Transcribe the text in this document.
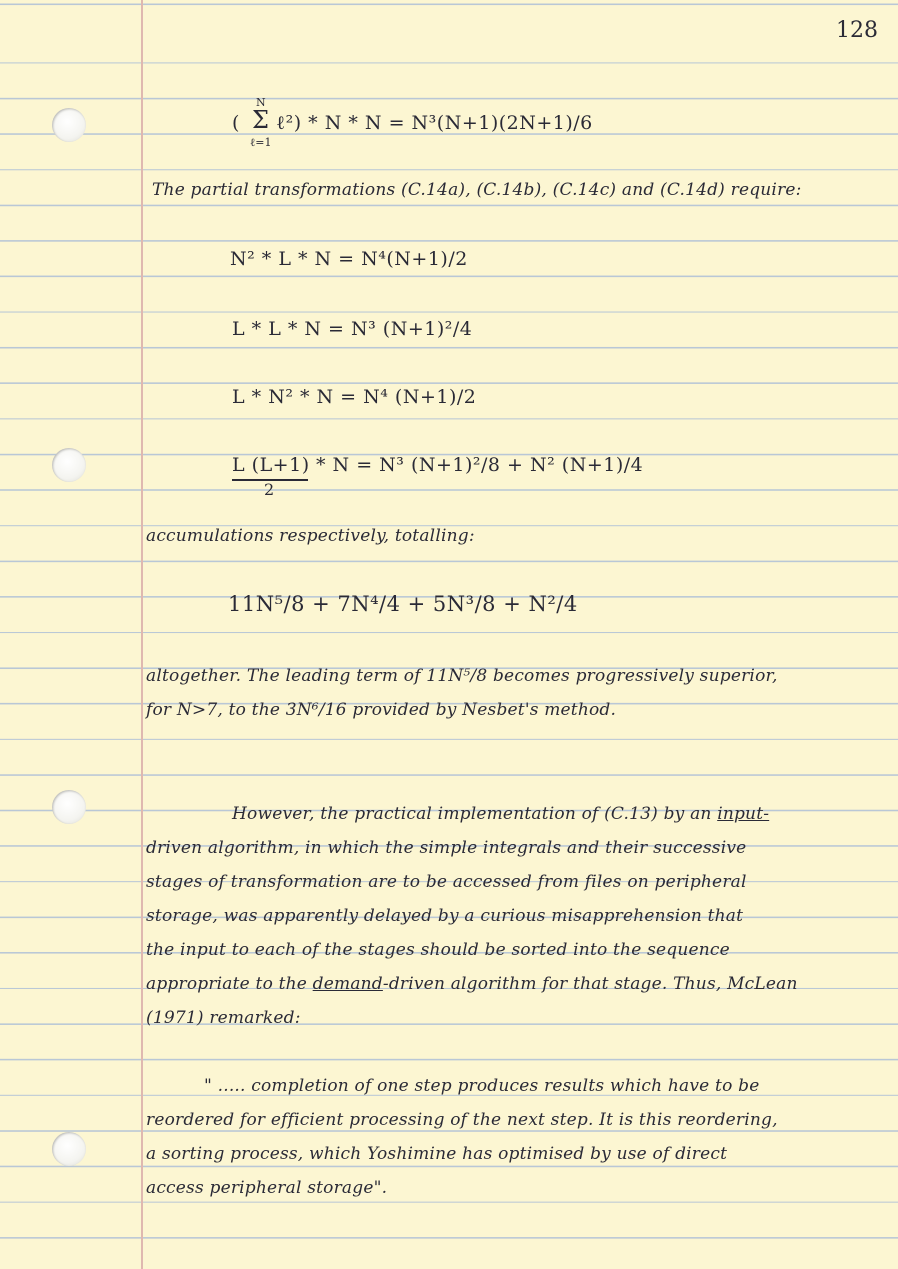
128
(
N
Σ
ℓ=1
ℓ²) * N * N = N³(N+1)(2N+1)/6
The partial transformations (C.14a), (C.14b), (C.14c) and (C.14d) require:
N² * L * N = N⁴(N+1)/2
L * L * N = N³ (N+1)²/4
L * N² * N = N⁴ (N+1)/2
L (L+1)
2
* N = N³ (N+1)²/8 + N² (N+1)/4
accumulations respectively, totalling:
11N⁵/8 + 7N⁴/4 + 5N³/8 + N²/4
altogether. The leading term of 11N⁵/8 becomes progressively superior,
for N>7, to the 3N⁶/16 provided by Nesbet's method.
However, the practical implementation of (C.13) by an input-
driven algorithm, in which the simple integrals and their successive
stages of transformation are to be accessed from files on peripheral
storage, was apparently delayed by a curious misapprehension that
the input to each of the stages should be sorted into the sequence
appropriate to the demand-driven algorithm for that stage. Thus, McLean
(1971) remarked:
" ..... completion of one step produces results which have to be
reordered for efficient processing of the next step. It is this reordering,
a sorting process, which Yoshimine has optimised by use of direct
access peripheral storage".
